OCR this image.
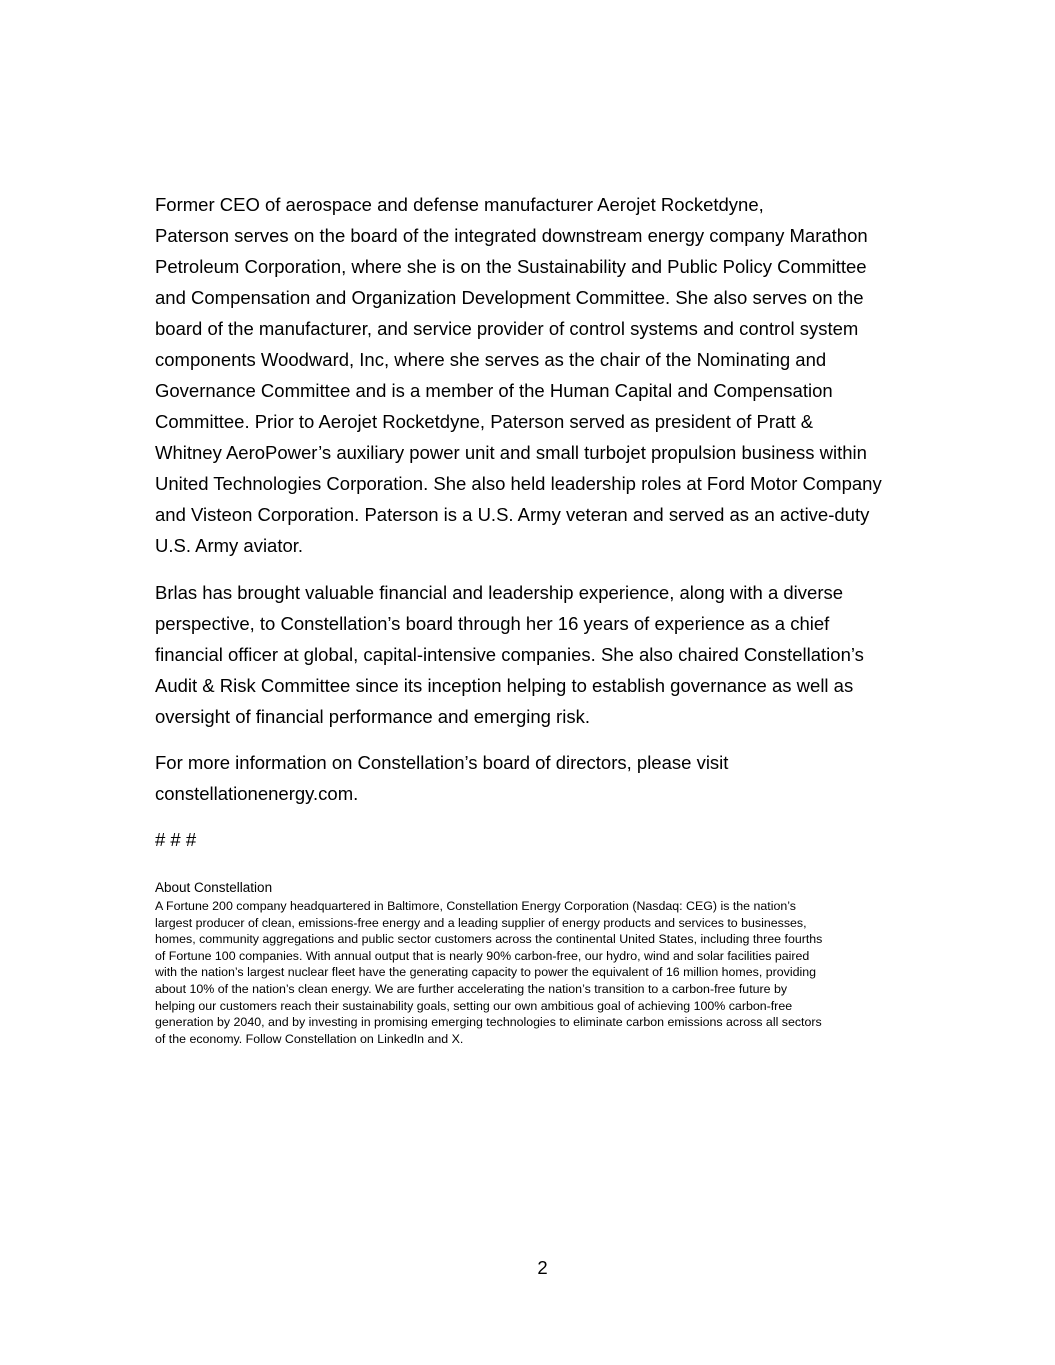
Former CEO of aerospace and defense manufacturer Aerojet Rocketdyne,
Paterson serves on the board of the integrated downstream energy company Marathon
Petroleum Corporation, where she is on the Sustainability and Public Policy Committee
and Compensation and Organization Development Committee. She also serves on the
board of the manufacturer, and service provider of control systems and control system
components Woodward, Inc, where she serves as the chair of the Nominating and
Governance Committee and is a member of the Human Capital and Compensation
Committee. Prior to Aerojet Rocketdyne, Paterson served as president of Pratt &
Whitney AeroPower’s auxiliary power unit and small turbojet propulsion business within
United Technologies Corporation. She also held leadership roles at Ford Motor Company
and Visteon Corporation. Paterson is a U.S. Army veteran and served as an active-duty
U.S. Army aviator.

Brlas has brought valuable financial and leadership experience, along with a diverse
perspective, to Constellation’s board through her 16 years of experience as a chief
financial officer at global, capital-intensive companies. She also chaired Constellation’s
Audit & Risk Committee since its inception helping to establish governance as well as
oversight of financial performance and emerging risk.

For more information on Constellation’s board of directors, please visit
constellationenergy.com.

# # #

About Constellation

A Fortune 200 company headquartered in Baltimore, Constellation Energy Corporation (Nasdaq: CEG) is the nation’s
largest producer of clean, emissions-free energy and a leading supplier of energy products and services to businesses,
homes, community aggregations and public sector customers across the continental United States, including three fourths
of Fortune 100 companies. With annual output that is nearly 90% carbon-free, our hydro, wind and solar facilities paired
with the nation’s largest nuclear fleet have the generating capacity to power the equivalent of 16 million homes, providing
about 10% of the nation’s clean energy. We are further accelerating the nation’s transition to a carbon-free future by
helping our customers reach their sustainability goals, setting our own ambitious goal of achieving 100% carbon-free
generation by 2040, and by investing in promising emerging technologies to eliminate carbon emissions across all sectors
of the economy. Follow Constellation on LinkedIn and X.

2
